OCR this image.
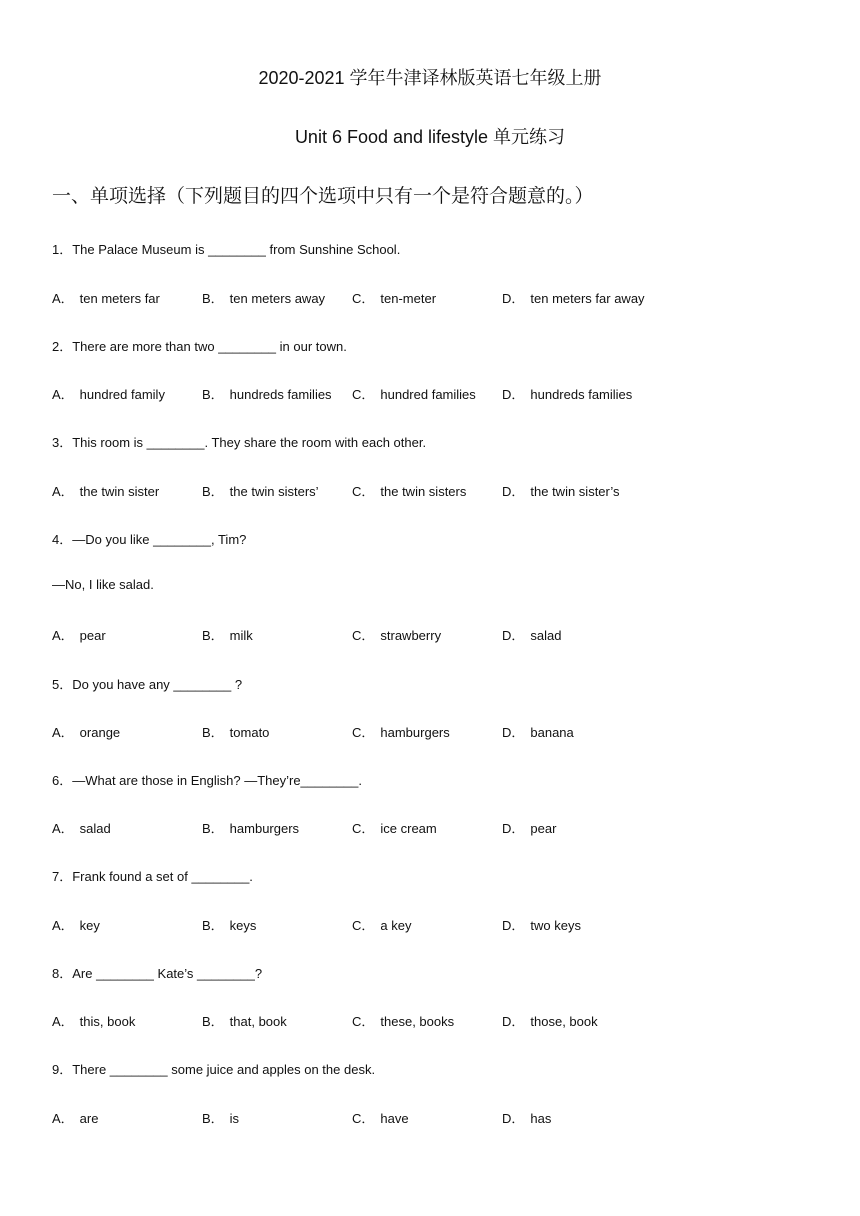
2020-2021 学年牛津译林版英语七年级上册
Unit 6 Food and lifestyle 单元练习
一、单项选择（下列题目的四个选项中只有一个是符合题意的。）
1．The Palace Museum is ________ from Sunshine School.
A． ten meters far	B． ten meters away C． ten-meter	D． ten meters far away
2．There are more than two ________ in our town.
A． hundred family	B． hundreds families C． hundred families D． hundreds families
3．This room is ________. They share the room with each other.
A． the twin sister	B． the twin sisters’	C． the twin sisters	D． the twin sister’s
4．—Do you like ________, Tim?
—No, I like salad.
A． pear	B． milk	C． strawberry	D． salad
5．Do you have any ________ ?
A． orange	B． tomato	C． hamburgers	D． banana
6．—What are those in English? —They’re________.
A． salad	B． hamburgers	C． ice cream	D． pear
7．Frank found a set of ________.
A． key	B． keys	C． a key	D． two keys
8．Are ________ Kate’s ________?
A． this, book	B． that, book	C． these, books	D． those, book
9．There ________ some juice and apples on the desk.
A． are	B． is	C． have	D． has
